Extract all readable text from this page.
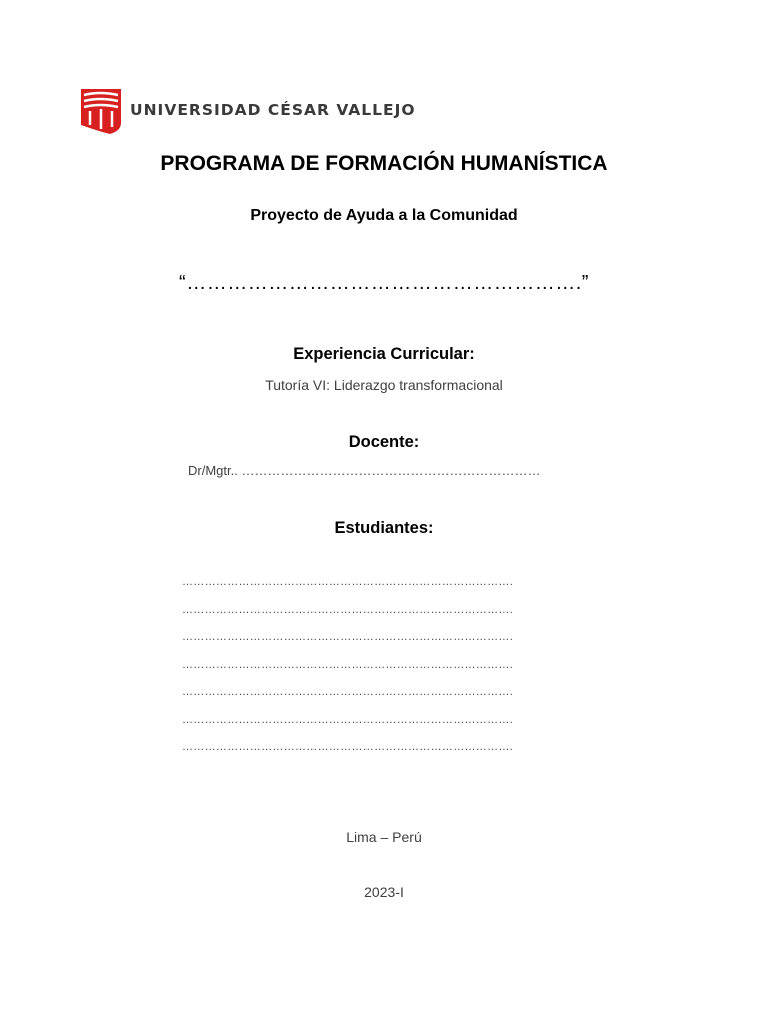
UNIVERSIDAD CÉSAR VALLEJO
PROGRAMA DE FORMACIÓN HUMANÍSTICA
Proyecto de Ayuda a la Comunidad
“………………………………………………….”
Experiencia Curricular:
Tutoría VI: Liderazgo transformacional
Docente:
Dr/Mgtr.. ……………………………………………………………
Estudiantes:
…………………………………………………………………………….
…………………………………………………………………………….
…………………………………………………………………………….
…………………………………………………………………………….
…………………………………………………………………………….
…………………………………………………………………………….
…………………………………………………………………………….
Lima – Perú
2023-I
